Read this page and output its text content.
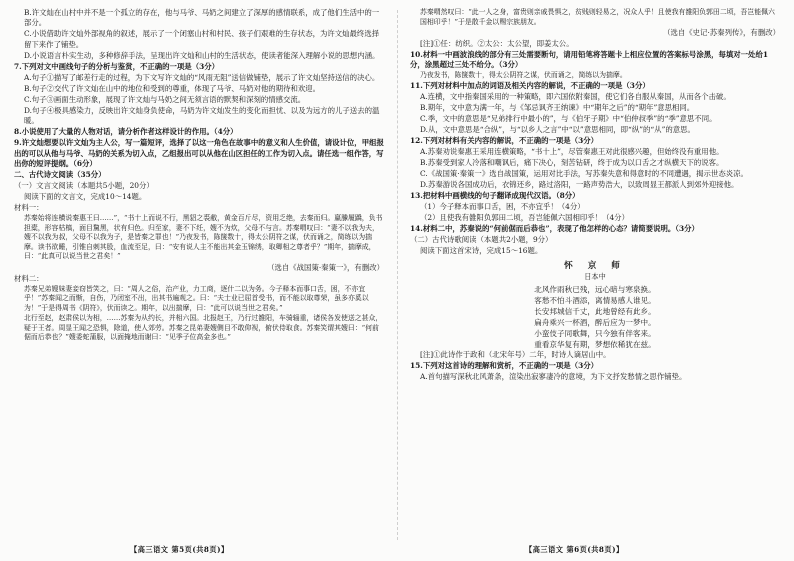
B.许文灿在山村中并不是一个孤立的存在，他与马爷、马奶之间建立了深厚的感情联系，成了他们生活中的一部分。

C.小说借助许文灿外部视角的叙述，展示了一个闭塞山村和村民、孩子们艰难的生存状态，为许文灿最终选择留下来作了铺垫。

D.小说语言朴实生动，多种修辞手法，呈现出许文灿和山村的生活状态，使读者能深入理解小说的思想内涵。

7.下列对文中画线句子的分析与鉴赏，不正确的一项是（3分）

A.句子①描写了邮差行走的过程，为下文写许文灿的“风雨无阻”送信做铺垫，展示了许文灿坚持送信的决心。

B.句子②交代了许文灿在山中的地位和受到的尊重，体现了马爷、马奶对他的期待和欢迎。

C.句子③画面生动形象，展现了许文灿与马奶之间无须言语的默契和深刻的情感交流。

D.句子④极具感染力，反映出许文灿身负使命，马奶为许文灿发生的变化而担忧、以及为远方的儿子送去的温暖。

8.小说使用了大量的人物对话，请分析作者这样设计的作用。（4分）

9.许文灿想要以许文灿为主人公，写一篇短评，选择了以这一角色在故事中的意义和人生价值，请设计位，甲组报出的可以从他与马爷、马奶的关系为切入点，乙组报出可以从他在山区担任的工作为切入点。请任选一组作答，写出你的短评提纲。（6分）

二、古代诗文阅读（35分）

（一）文言文阅读（本题共5小题，20分）

阅读下面的文言文，完成10～14题。

材料一：

苏秦始将连横说秦惠王曰……”，“书十上而说不行，黑貂之裘敝，黄金百斤尽，资用乏绝，去秦而归。羸縢履蹻，负书担橐，形容枯槁，面目黧黑，状有归色。归至家，妻不下纴，嫂不为炊，父母不与言。苏秦喟叹曰：“妻不以我为夫，嫂不以我为叔，父母不以我为子，是皆秦之罪也！”乃夜发书，陈箧数十，得太公阴符之谋，伏而诵之，简练以为揣摩。读书欲睡，引锥自刺其股，血流至足，曰：“安有说人主不能出其金玉锦绣，取卿相之尊者乎？”期年，揣摩成，曰：“此真可以说当世之君矣！”

（选自《战国策·秦策一》，有删改）

材料二：

苏秦兄弟嫂妹妻妾窃皆笑之，曰：“周人之俗，治产业，力工商，逐什二以为务。今子释本而事口舌，困，不亦宜乎！”苏秦闻之而惭，自伤，乃闭室不出，出其书遍观之。曰：“夫士业已屈首受书，而不能以取尊荣，虽多亦奚以为！”于是得周书《阴符》，伏而读之。期年，以出揣摩，曰：“此可以说当世之君矣。”

北行至赵，赵肃侯以为相，……苏秦为从约长，并相六国。北报赵王，乃行过雒阳，车骑辎重，诸侯各发使送之甚众，疑于王者。周显王闻之恐惧，除道，使人郊劳。苏秦之昆弟妻嫂侧目不敢仰视，俯伏侍取食。苏秦笑谓其嫂曰：“何前倨而后恭也？”嫂委蛇蒲服，以面掩地而谢曰：“见季子位高金多也。”

苏秦喟然叹曰：“此一人之身，富贵则亲戚畏惧之，贫贱则轻易之，况众人乎！且使我有雒阳负郭田二顷，吾岂能佩六国相印乎！”于是散千金以赐宗族朋友。

（选自《史记·苏秦列传》，有删改）

[注]①任：纺织。②太公：太公望，即姜太公。

10.材料一中画波浪线的部分有三处需要断句，请用铅笔将答题卡上相应位置的答案标号涂黑，每填对一处给1分，涂黑超过三处不给分。（3分）

乃夜发书，陈箧数十，得太公阴符之谋，伏而诵之，简练以为揣摩。

11.下列对材料中加点的词语及相关内容的解说，不正确的一项是（3分）

A.连横，文中指秦国采用的一种策略，即六国依附秦国，使它们各自服从秦国，从而各个击破。

B.期年，文中意为满一年，与《邹忌讽齐王纳谏》中“期年之后”的“期年”意思相同。

C.季，文中的意思是“兄弟排行中最小的”，与《伯牙子期》中“伯仲叔季”的“季”意思不同。

D.从，文中意思是“合纵”，与“以乡人之言”中“以”意思相同，即“纵”的“从”的意思。

12.下列对材料有关内容的解说，不正确的一项是（3分）

A.苏秦劝说秦惠王采用连横策略，“书十上”，尽管秦惠王对此很感兴趣，但始终没有重用他。

B.苏秦受到家人冷落和嘲讽后，痛下决心，刻苦钻研，终于成为以口舌之才纵横天下的说客。

C.《战国策·秦策一》选自战国策，运用对比手法，写苏秦失意和得意时的不同遭遇，揭示世态炎凉。

D.苏秦游说各国成功后，衣锦还乡，路过洛阳，一路声势浩大，以致周显王都派人到郊外迎接他。

13.把材料中画横线的句子翻译成现代汉语。（8分）

（1）今子释本而事口舌，困，不亦宜乎！（4分）

（2）且使我有雒阳负郭田二顷，吾岂能佩六国相印乎！（4分）

14.材料二中，苏秦说的“何前倨而后恭也”，表现了他怎样的心态？请简要说明。（3分）

（二）古代诗歌阅读（本题共2小题，9分）

阅读下面这首宋诗，完成15～16题。

怀 京 师

日本中

北风作雨秋已残，远心暗与寒泉换。

客愁不怕斗酒添，离情易感人谁见。

长安邦城信千丈，此地曾经有此乡。

扁舟乘兴一杯酒，醉后应为一梦中。

小蛮伎子同歌舞，只今独有伴客来。

重看京华复有期，梦想依稀犹在兹。

[注]①此诗作于政和（北宋年号）二年，时诗人谪居山中。

15.下列对这首诗的理解和赏析，不正确的一项是（3分）

A.首句描写深秋北风萧条，渲染出寂寥凄冷的意境，为下文抒发愁情之思作铺垫。

【高三语文 第5页(共8页)】	【高三语文 第6页(共8页)】
